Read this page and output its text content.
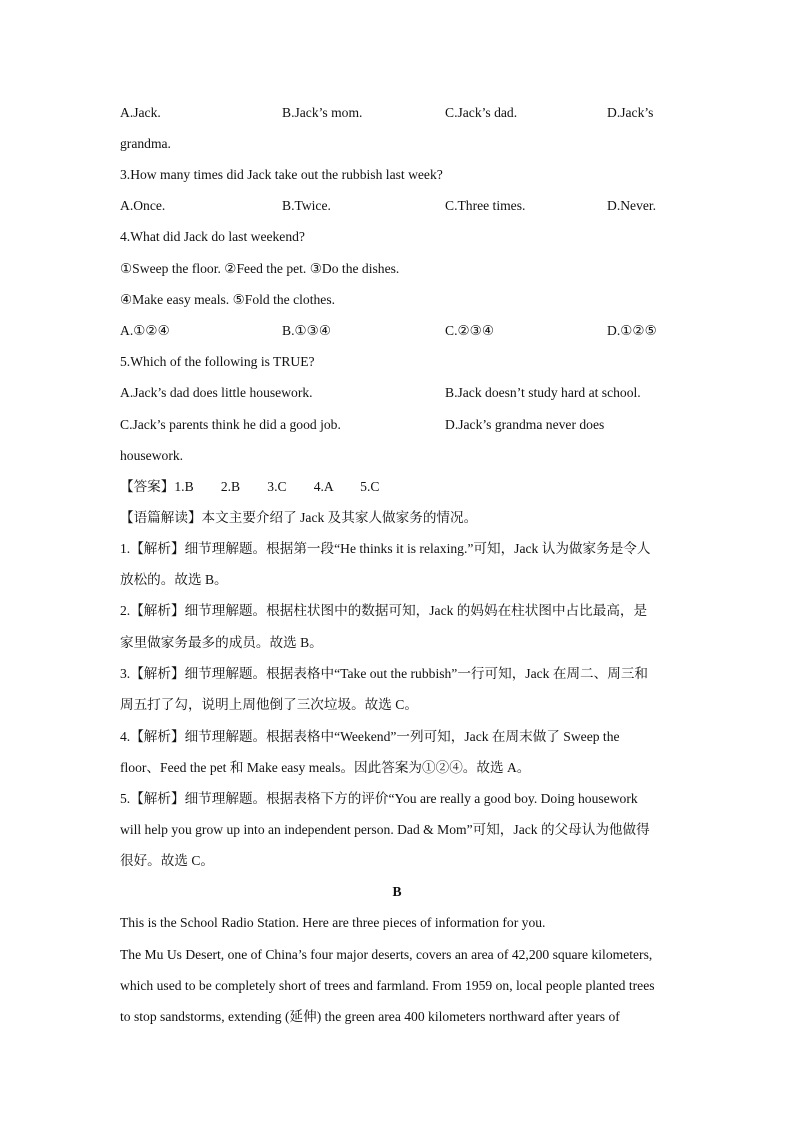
A.Jack.	B.Jack’s mom.	C.Jack’s dad.	D.Jack’s
grandma.
3.How many times did Jack take out the rubbish last week?
A.Once.	B.Twice.	C.Three times.	D.Never.
4.What did Jack do last weekend?
①Sweep the floor. ②Feed the pet. ③Do the dishes.
④Make easy meals. ⑤Fold the clothes.
A.①②④	B.①③④	C.②③④	D.①②⑤
5.Which of the following is TRUE?
A.Jack’s dad does little housework.	B.Jack doesn’t study hard at school.
C.Jack’s parents think he did a good job.	D.Jack’s grandma never does
housework.
【答案】1.B        2.B        3.C        4.A        5.C
【语篇解读】本文主要介绍了 Jack 及其家人做家务的情况。
1.【解析】细节理解题。根据第一段“He thinks it is relaxing.”可知，Jack 认为做家务是令人
放松的。故选 B。
2.【解析】细节理解题。根据柱状图中的数据可知，Jack 的妈妈在柱状图中占比最高，是
家里做家务最多的成员。故选 B。
3.【解析】细节理解题。根据表格中“Take out the rubbish”一行可知，Jack 在周二、周三和
周五打了勾，说明上周他倒了三次垃圾。故选 C。
4.【解析】细节理解题。根据表格中“Weekend”一列可知，Jack 在周末做了 Sweep the
floor、Feed the pet 和 Make easy meals。因此答案为①②④。故选 A。
5.【解析】细节理解题。根据表格下方的评价“You are really a good boy. Doing housework
will help you grow up into an independent person. Dad & Mom”可知，Jack 的父母认为他做得
很好。故选 C。
B
This is the School Radio Station. Here are three pieces of information for you.
The Mu Us Desert, one of China’s four major deserts, covers an area of 42,200 square kilometers,
which used to be completely short of trees and farmland. From 1959 on, local people planted trees
to stop sandstorms, extending (延伸) the green area 400 kilometers northward after years of
